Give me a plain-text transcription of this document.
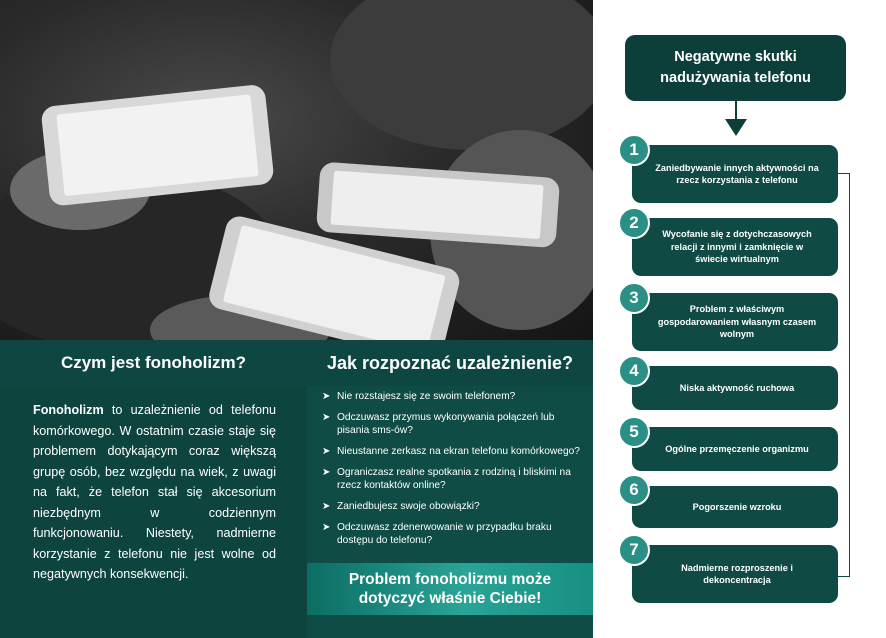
Czym jest fonoholizm?	Jak rozpoznać uzależnienie?
Fonoholizm to uzależnienie od telefonu komórkowego. W ostatnim czasie staje się problemem dotykającym coraz większą grupę osób, bez względu na wiek, z uwagi na fakt, że telefon stał się akcesorium niezbędnym w codziennym funkcjonowaniu. Niestety, nadmierne korzystanie z telefonu nie jest wolne od negatywnych konsekwencji.
➤ Nie rozstajesz się ze swoim telefonem?
➤ Odczuwasz przymus wykonywania połączeń lub pisania sms-ów?
➤ Nieustanne zerkasz na ekran telefonu komórkowego?
➤ Ograniczasz realne spotkania z rodziną i bliskimi na rzecz kontaktów online?
➤ Zaniedbujesz swoje obowiązki?
➤ Odczuwasz zdenerwowanie w przypadku braku dostępu do telefonu?
Problem fonoholizmu może
dotyczyć właśnie Ciebie!
Negatywne skutki
nadużywania telefonu
Zaniedbywanie innych aktywności na rzecz korzystania z telefonu
1
Wycofanie się z dotychczasowych relacji z innymi i zamknięcie w świecie wirtualnym
2
Problem z właściwym gospodarowaniem własnym czasem wolnym
3
Niska aktywność ruchowa
4
Ogólne przemęczenie organizmu
5
Pogorszenie wzroku
6
Nadmierne rozproszenie i dekoncentracja
7
